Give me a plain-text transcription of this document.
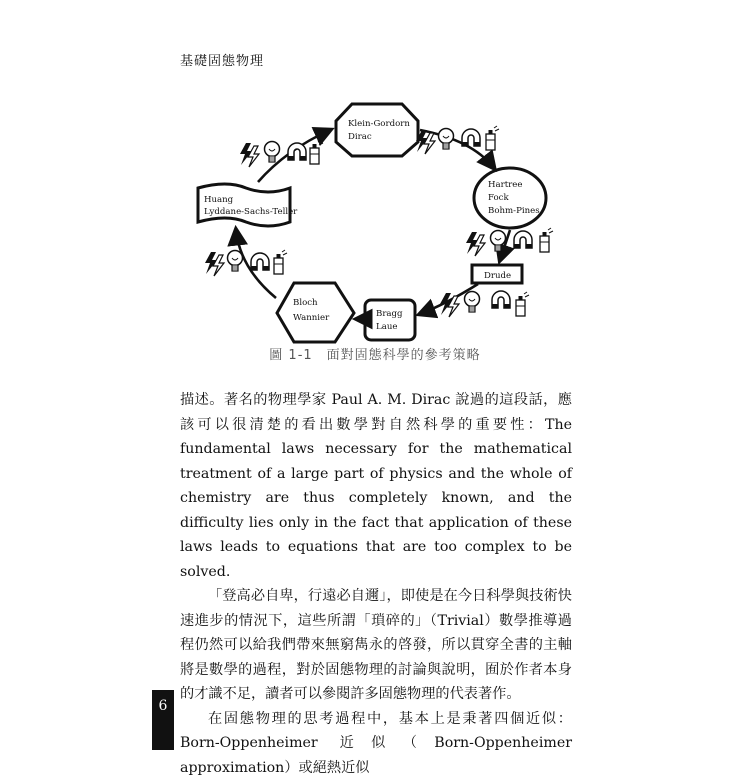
基礎固態物理
Klein-Gordorn
Dirac
Hartree
Fock
Bohm-Pines
Drude
Bragg
Laue
Bloch
Wannier
Huang
Lyddane-Sachs-Teller
圖 1-1 面對固態科學的參考策略

描述。著名的物理學家 Paul A. M. Dirac 說過的這段話，應該可以很清楚的看出數學對自然科學的重要性：The fundamental laws necessary for the mathematical treatment of a large part of physics and the whole of chemistry are thus completely known, and the difficulty lies only in the fact that application of these laws leads to equations that are too complex to be solved.

「登高必自卑，行遠必自邇」，即使是在今日科學與技術快速進步的情況下，這些所謂「瑣碎的」（Trivial）數學推導過程仍然可以給我們帶來無窮雋永的啓發，所以貫穿全書的主軸將是數學的過程，對於固態物理的討論與說明，囿於作者本身的才識不足，讀者可以參閱許多固態物理的代表著作。

在固態物理的思考過程中，基本上是秉著四個近似：Born-Oppenheimer 近似（Born-Oppenheimer approximation）或絕熱近似

6
